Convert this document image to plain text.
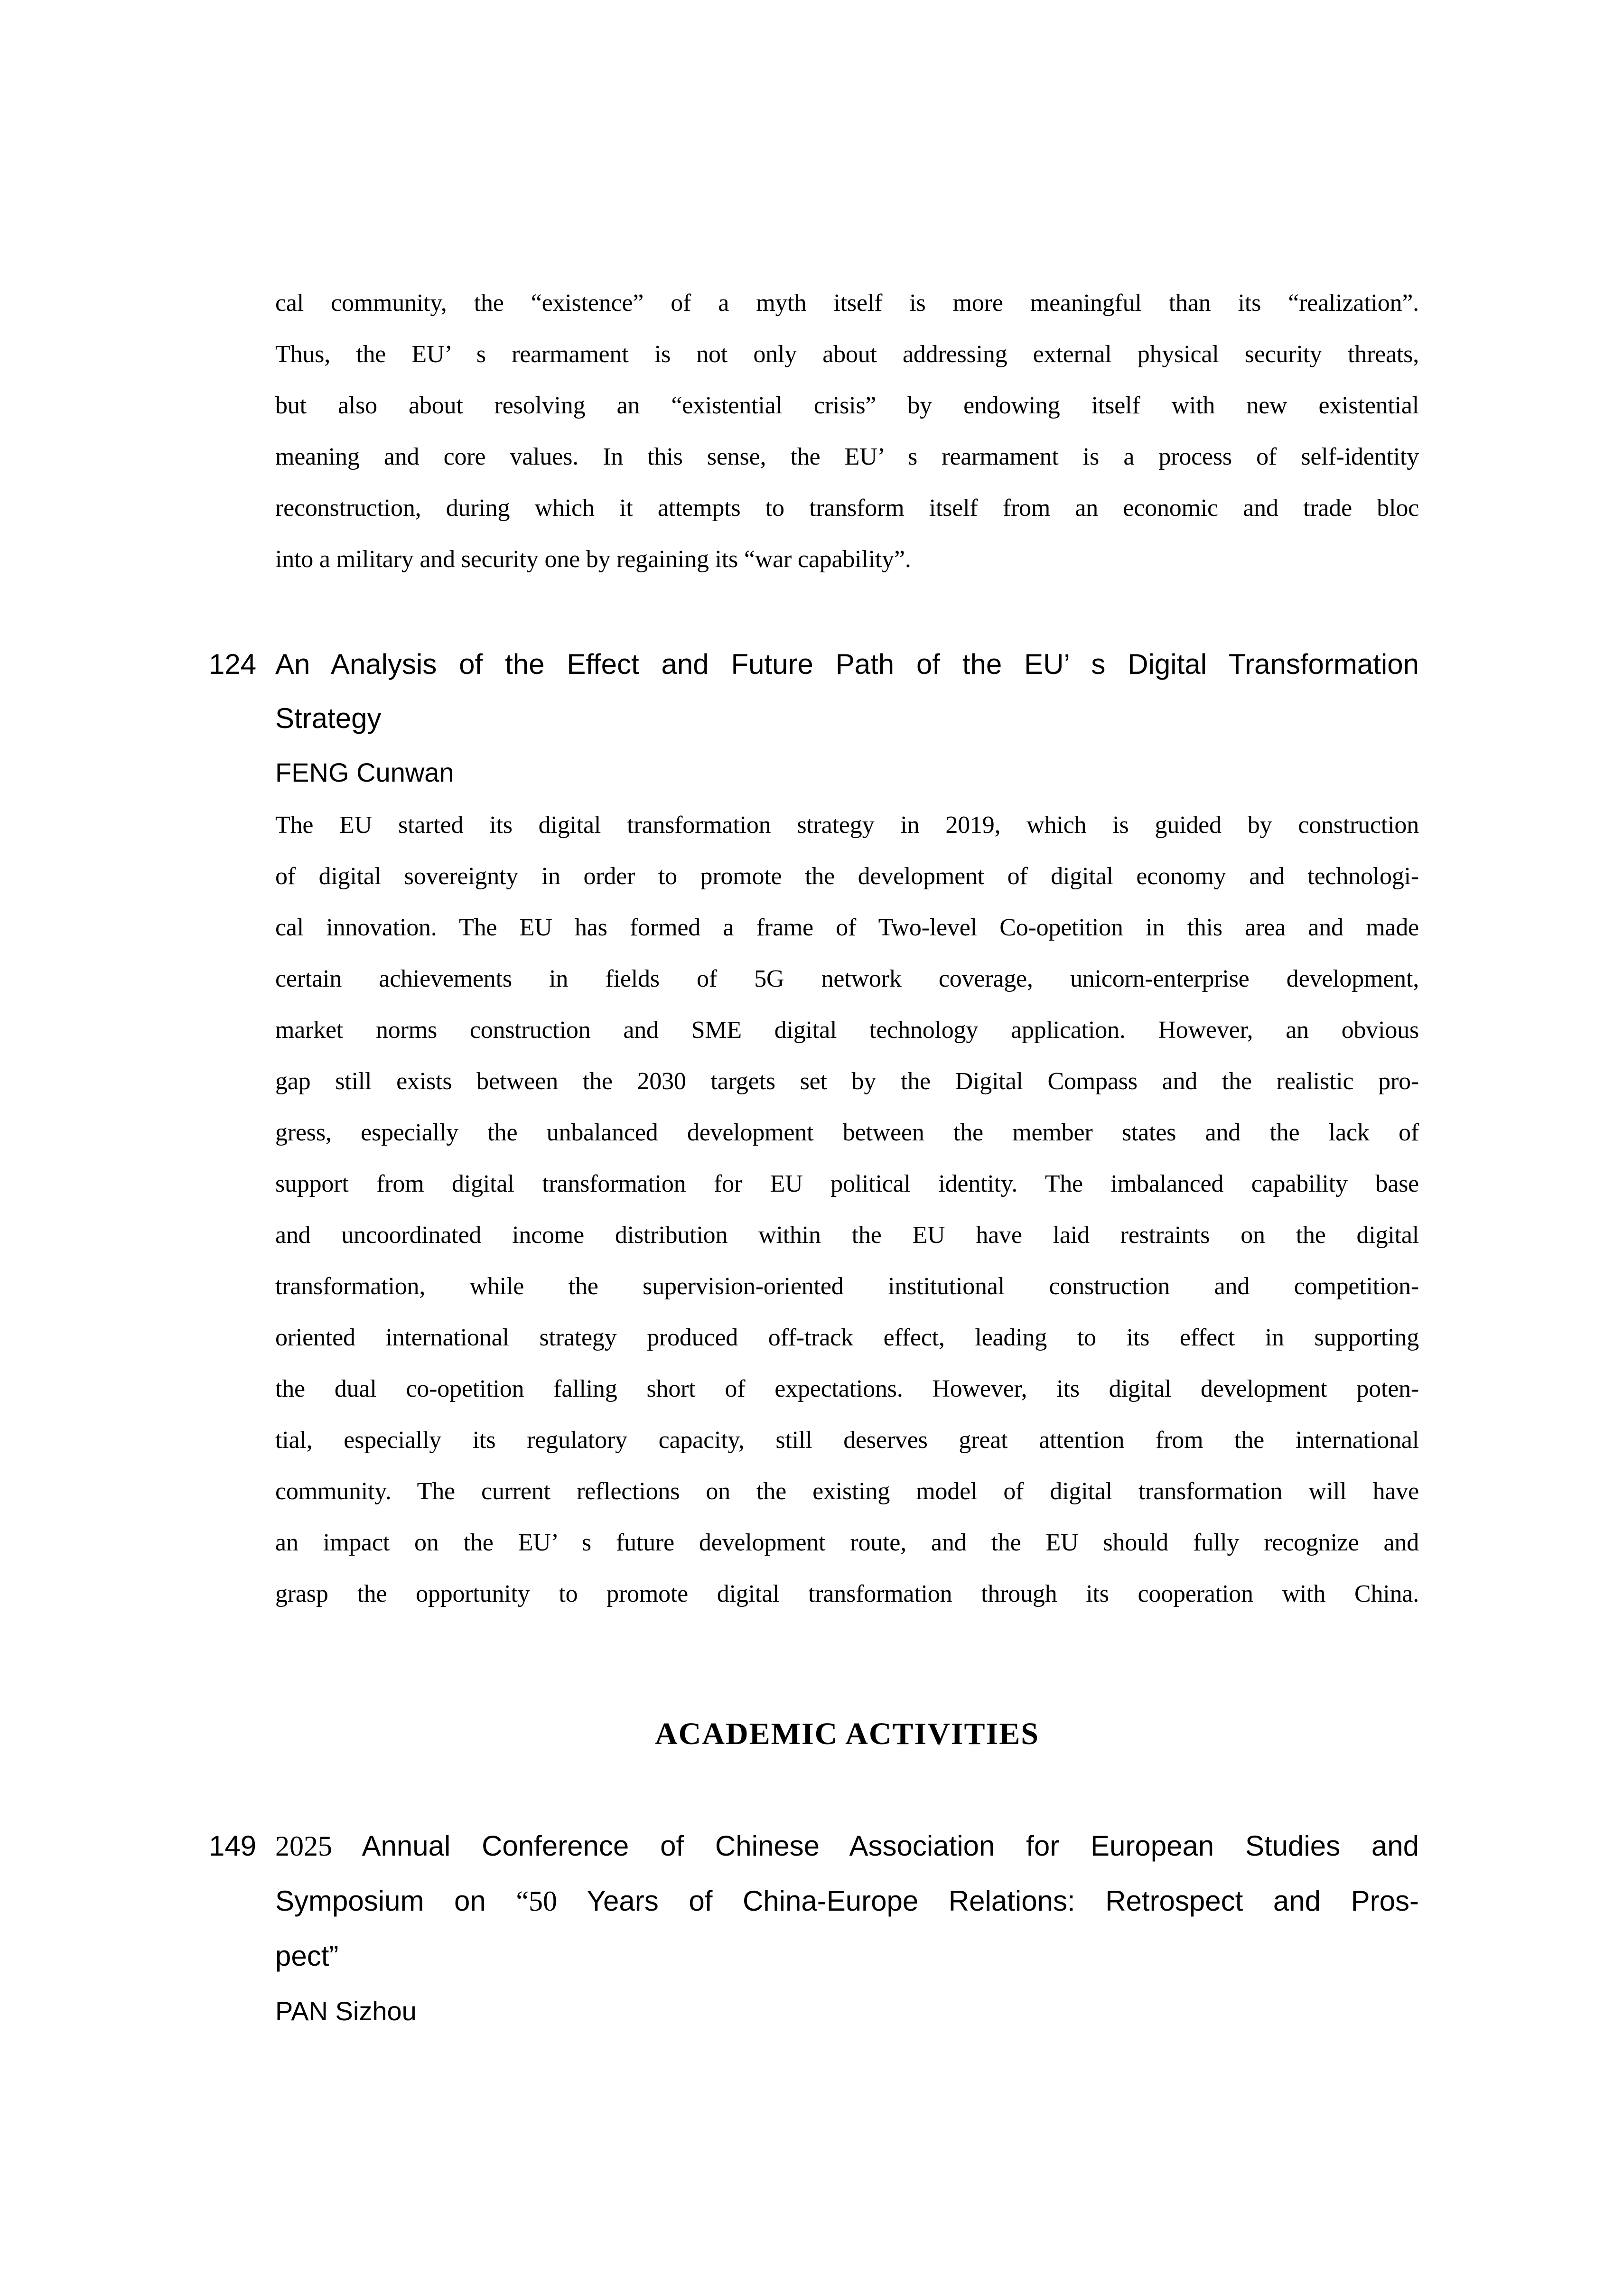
cal community, the “existence” of a myth itself is more meaningful than its “realization”.
Thus, the EU’ s rearmament is not only about addressing external physical security threats,
but also about resolving an “existential crisis” by endowing itself with new existential
meaning and core values. In this sense, the EU’ s rearmament is a process of self-identity
reconstruction, during which it attempts to transform itself from an economic and trade bloc
into a military and security one by regaining its “war capability”.
124 An Analysis of the Effect and Future Path of the EU’ s Digital Transformation
Strategy
FENG Cunwan
The EU started its digital transformation strategy in 2019, which is guided by construction
of digital sovereignty in order to promote the development of digital economy and technologi-
cal innovation. The EU has formed a frame of Two-level Co-opetition in this area and made
certain achievements in fields of 5G network coverage, unicorn-enterprise development,
market norms construction and SME digital technology application. However, an obvious
gap still exists between the 2030 targets set by the Digital Compass and the realistic pro-
gress, especially the unbalanced development between the member states and the lack of
support from digital transformation for EU political identity. The imbalanced capability base
and uncoordinated income distribution within the EU have laid restraints on the digital
transformation, while the supervision-oriented institutional construction and competition-
oriented international strategy produced off-track effect, leading to its effect in supporting
the dual co-opetition falling short of expectations. However, its digital development poten-
tial, especially its regulatory capacity, still deserves great attention from the international
community. The current reflections on the existing model of digital transformation will have
an impact on the EU’ s future development route, and the EU should fully recognize and
grasp the opportunity to promote digital transformation through its cooperation with China.
ACADEMIC ACTIVITIES
149 2025 Annual Conference of Chinese Association for European Studies and
Symposium on “50 Years of China-Europe Relations: Retrospect and Pros-
pect”
PAN Sizhou
